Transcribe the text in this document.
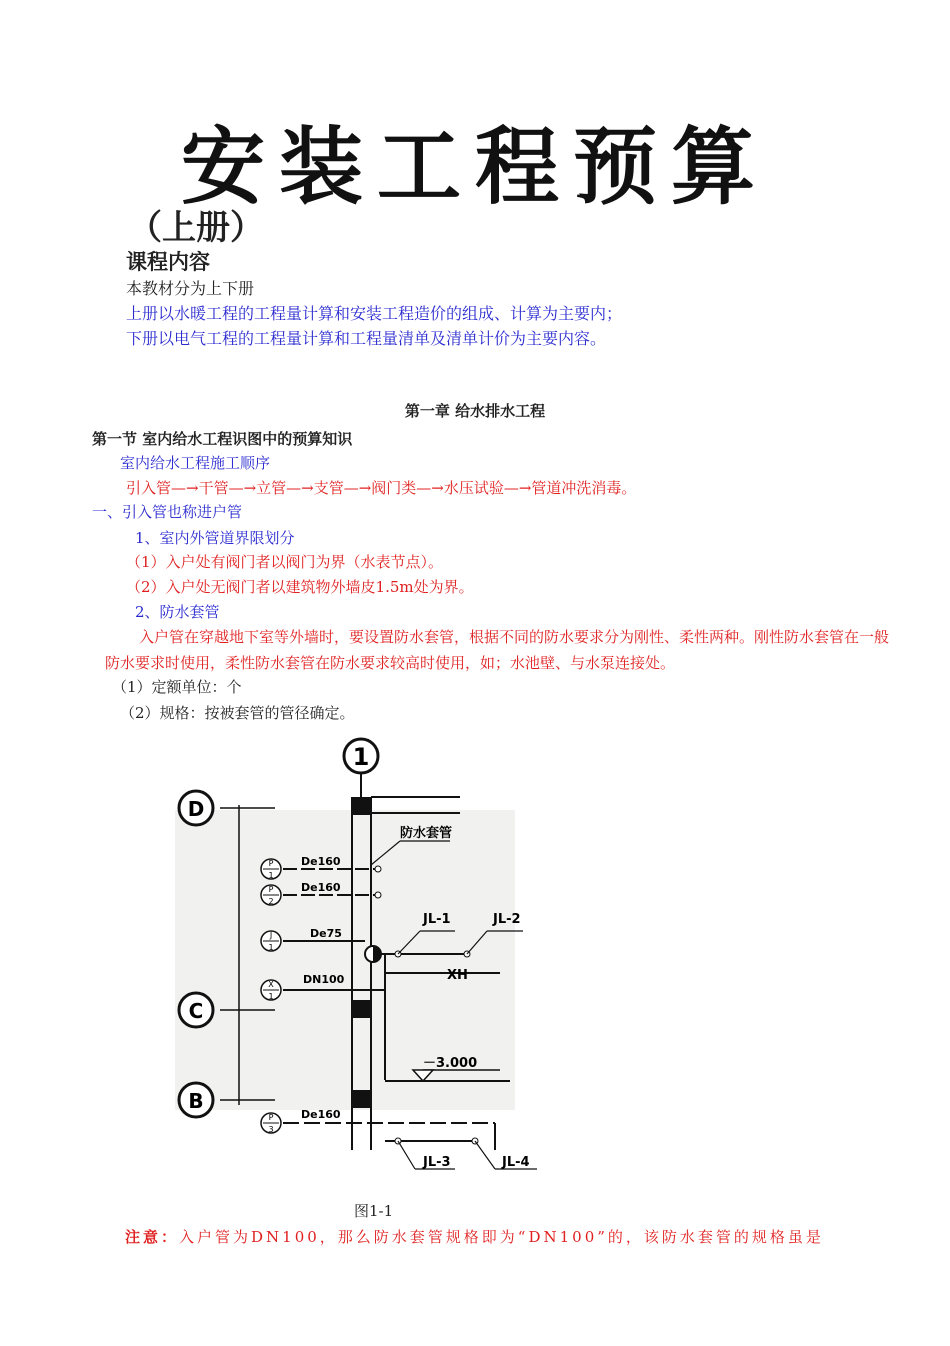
安装工程预算
（上册）
课程内容
本教材分为上下册
上册以水暖工程的工程量计算和安装工程造价的组成、计算为主要内；
下册以电气工程的工程量计算和工程量清单及清单计价为主要内容。
第一章 给水排水工程
第一节 室内给水工程识图中的预算知识
室内给水工程施工顺序
引入管—→干管—→立管—→支管—→阀门类—→水压试验—→管道冲洗消毒。
一、引入管也称进户管
1、室内外管道界限划分
（1）入户处有阀门者以阀门为界（水表节点）。
（2）入户处无阀门者以建筑物外墙皮1.5m处为界。
2、防水套管
入户管在穿越地下室等外墙时，要设置防水套管，根据不同的防水要求分为刚性、柔性两种。刚性防水套管在一般防水要求时使用，柔性防水套管在防水要求较高时使用，如；水池壁、与水泵连接处。
（1）定额单位：个
（2）规格：按被套管的管径确定。
1
D
C
B
防水套管
P
1
De160
P
2
De160
J
1
De75
X
1
DN100
JL-1	JL-2
XH
－3.000
P
3
De160
JL-3	JL-4
图1-1
注意：入户管为DN100，那么防水套管规格即为“DN100”的，该防水套管的规格虽是
